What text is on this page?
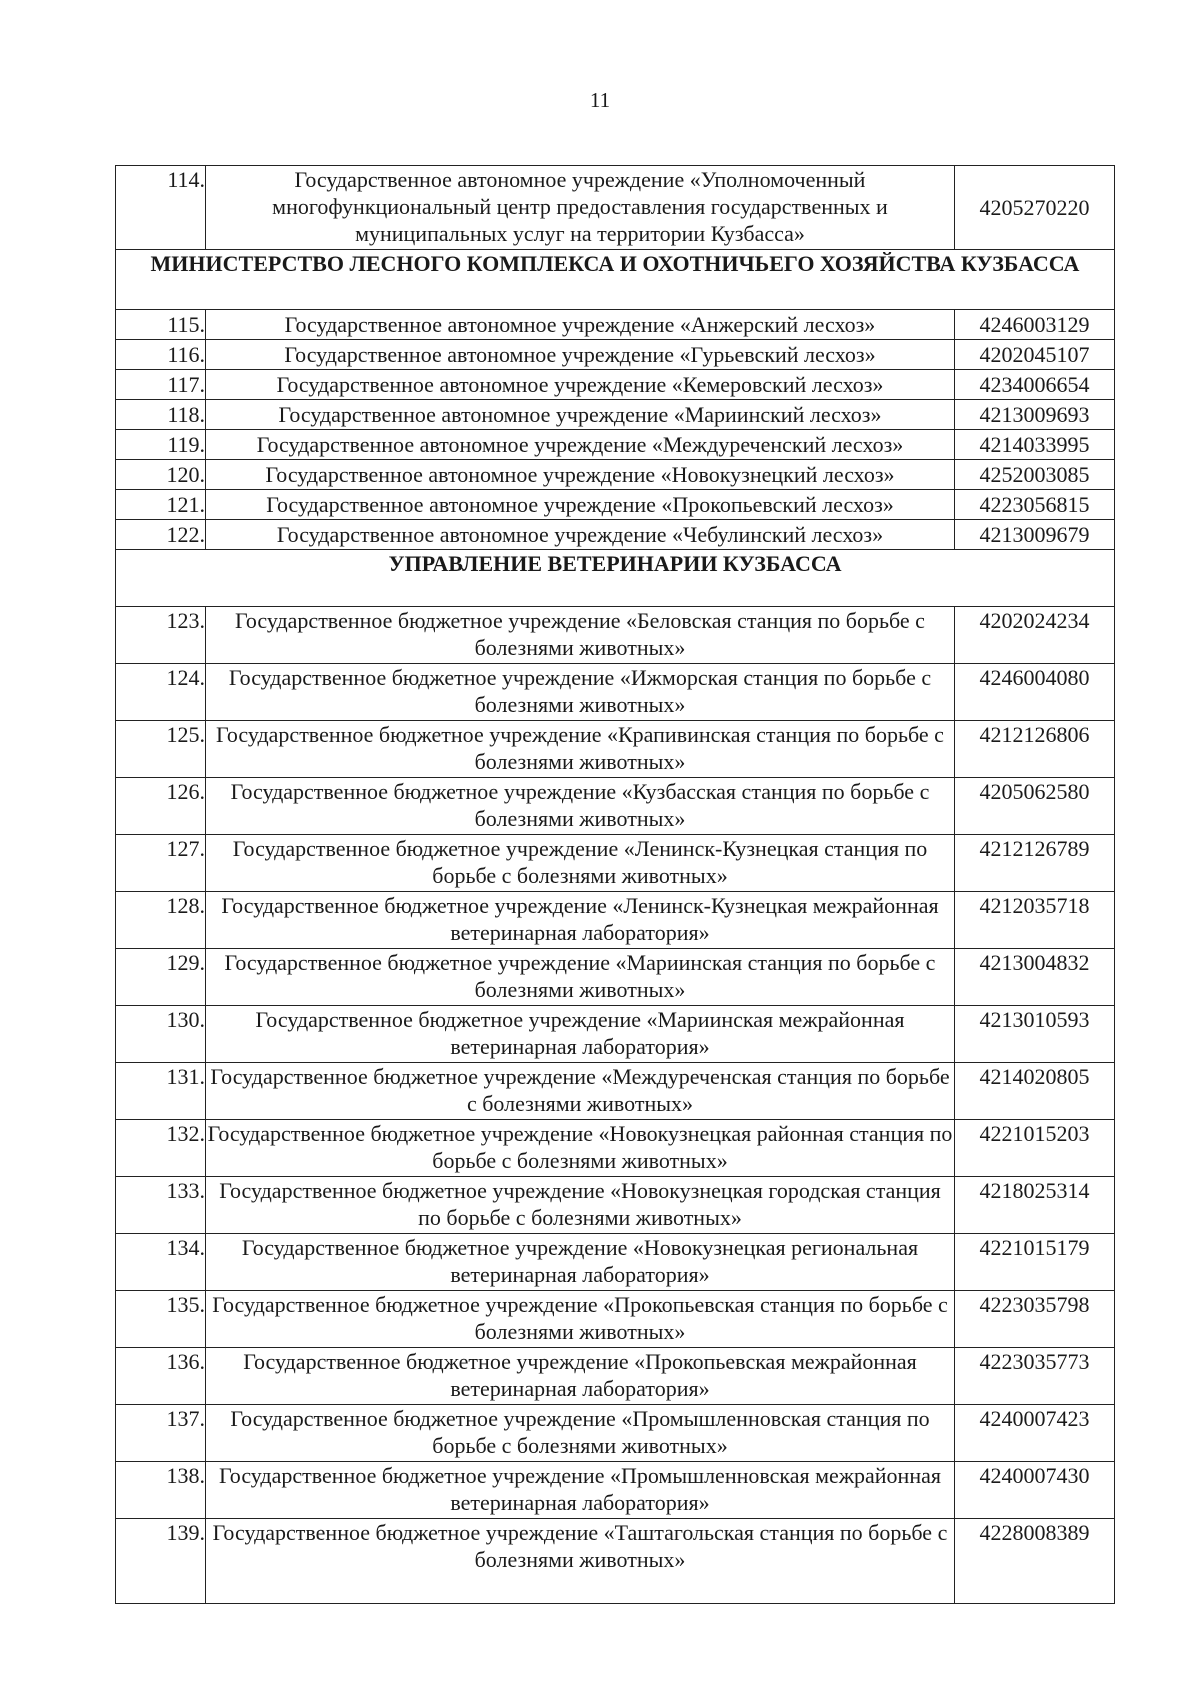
11
114.	Государственное автономное учреждение «Уполномоченный многофункциональный центр предоставления государственных и муниципальных услуг на территории Кузбасса»	4205270220
МИНИСТЕРСТВО ЛЕСНОГО КОМПЛЕКСА И ОХОТНИЧЬЕГО ХОЗЯЙСТВА КУЗБАССА		
115.	Государственное автономное учреждение «Анжерский лесхоз»	4246003129
116.	Государственное автономное учреждение «Гурьевский лесхоз»	4202045107
117.	Государственное автономное учреждение «Кемеровский лесхоз»	4234006654
118.	Государственное автономное учреждение «Мариинский лесхоз»	4213009693
119.	Государственное автономное учреждение «Междуреченский лесхоз»	4214033995
120.	Государственное автономное учреждение «Новокузнецкий лесхоз»	4252003085
121.	Государственное автономное учреждение «Прокопьевский лесхоз»	4223056815
122.	Государственное автономное учреждение «Чебулинский лесхоз»	4213009679
УПРАВЛЕНИЕ ВЕТЕРИНАРИИ КУЗБАССА		
123.	Государственное бюджетное учреждение «Беловская станция по борьбе с болезнями животных»	4202024234
124.	Государственное бюджетное учреждение «Ижморская станция по борьбе с болезнями животных»	4246004080
125.	Государственное бюджетное учреждение «Крапивинская станция по борьбе с болезнями животных»	4212126806
126.	Государственное бюджетное учреждение «Кузбасская станция по борьбе с болезнями животных»	4205062580
127.	Государственное бюджетное учреждение «Ленинск-Кузнецкая станция по борьбе с болезнями животных»	4212126789
128.	Государственное бюджетное учреждение «Ленинск-Кузнецкая межрайонная ветеринарная лаборатория»	4212035718
129.	Государственное бюджетное учреждение «Мариинская станция по борьбе с болезнями животных»	4213004832
130.	Государственное бюджетное учреждение «Мариинская межрайонная ветеринарная лаборатория»	4213010593
131.	Государственное бюджетное учреждение «Междуреченская станция по борьбе с болезнями животных»	4214020805
132.	Государственное бюджетное учреждение «Новокузнецкая районная станция по борьбе с болезнями животных»	4221015203
133.	Государственное бюджетное учреждение «Новокузнецкая городская станция по борьбе с болезнями животных»	4218025314
134.	Государственное бюджетное учреждение «Новокузнецкая региональная ветеринарная лаборатория»	4221015179
135.	Государственное бюджетное учреждение «Прокопьевская станция по борьбе с болезнями животных»	4223035798
136.	Государственное бюджетное учреждение «Прокопьевская межрайонная ветеринарная лаборатория»	4223035773
137.	Государственное бюджетное учреждение «Промышленновская станция по борьбе с болезнями животных»	4240007423
138.	Государственное бюджетное учреждение «Промышленновская межрайонная ветеринарная лаборатория»	4240007430
139.	Государственное бюджетное учреждение «Таштагольская станция по борьбе с болезнями животных»	4228008389
